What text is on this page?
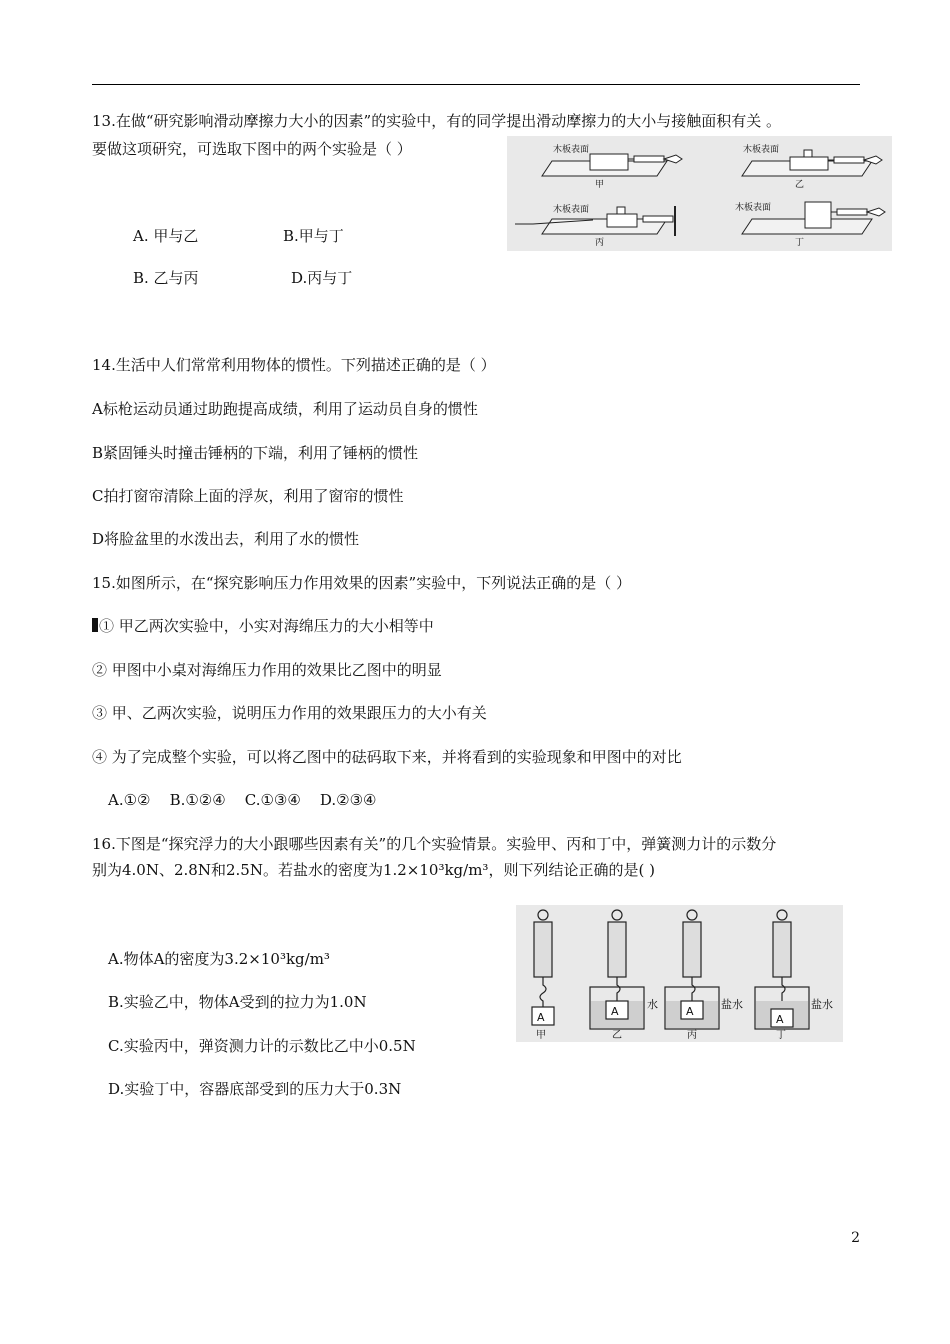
13.在做“研究影响滑动摩擦力大小的因素”的实验中，有的同学提出滑动摩擦力的大小与接触面积有关 。
要做这项研究，可选取下图中的两个实验是（ ）
A. 甲与乙	B.甲与丁
B. 乙与丙	D.丙与丁
木板表面	木板表面
木板表面	木板表面
甲	乙
丙	丁
14.生活中人们常常利用物体的惯性。下列描述正确的是（ ）
A标枪运动员通过助跑提高成绩，利用了运动员自身的惯性
B紧固锤头时撞击锤柄的下端，利用了锤柄的惯性
C拍打窗帘清除上面的浮灰，利用了窗帘的惯性
D将脸盆里的水泼出去，利用了水的惯性
15.如图所示，在“探究影响压力作用效果的因素”实验中，下列说法正确的是（ ）
① 甲乙两次实验中，小实对海绵压力的大小相等中
② 甲图中小桌对海绵压力作用的效果比乙图中的明显
③ 甲、乙两次实验，说明压力作用的效果跟压力的大小有关
④ 为了完成整个实验，可以将乙图中的砝码取下来，并将看到的实验现象和甲图中的对比
A.①②    B.①②④    C.①③④    D.②③④
16.下图是“探究浮力的大小跟哪些因素有关”的几个实验情景。实验甲、丙和丁中，弹簧测力计的示数分
别为4.0N、2.8N和2.5N。若盐水的密度为1.2×10³kg/m³，则下列结论正确的是( )
A.物体A的密度为3.2×10³kg/m³
B.实验乙中，物体A受到的拉力为1.0N
C.实验丙中，弹资测力计的示数比乙中小0.5N
D.实验丁中，容器底部受到的压力大于0.3N
A	A	A
A
水	盐水	盐水
甲	乙	丙	丁
2
